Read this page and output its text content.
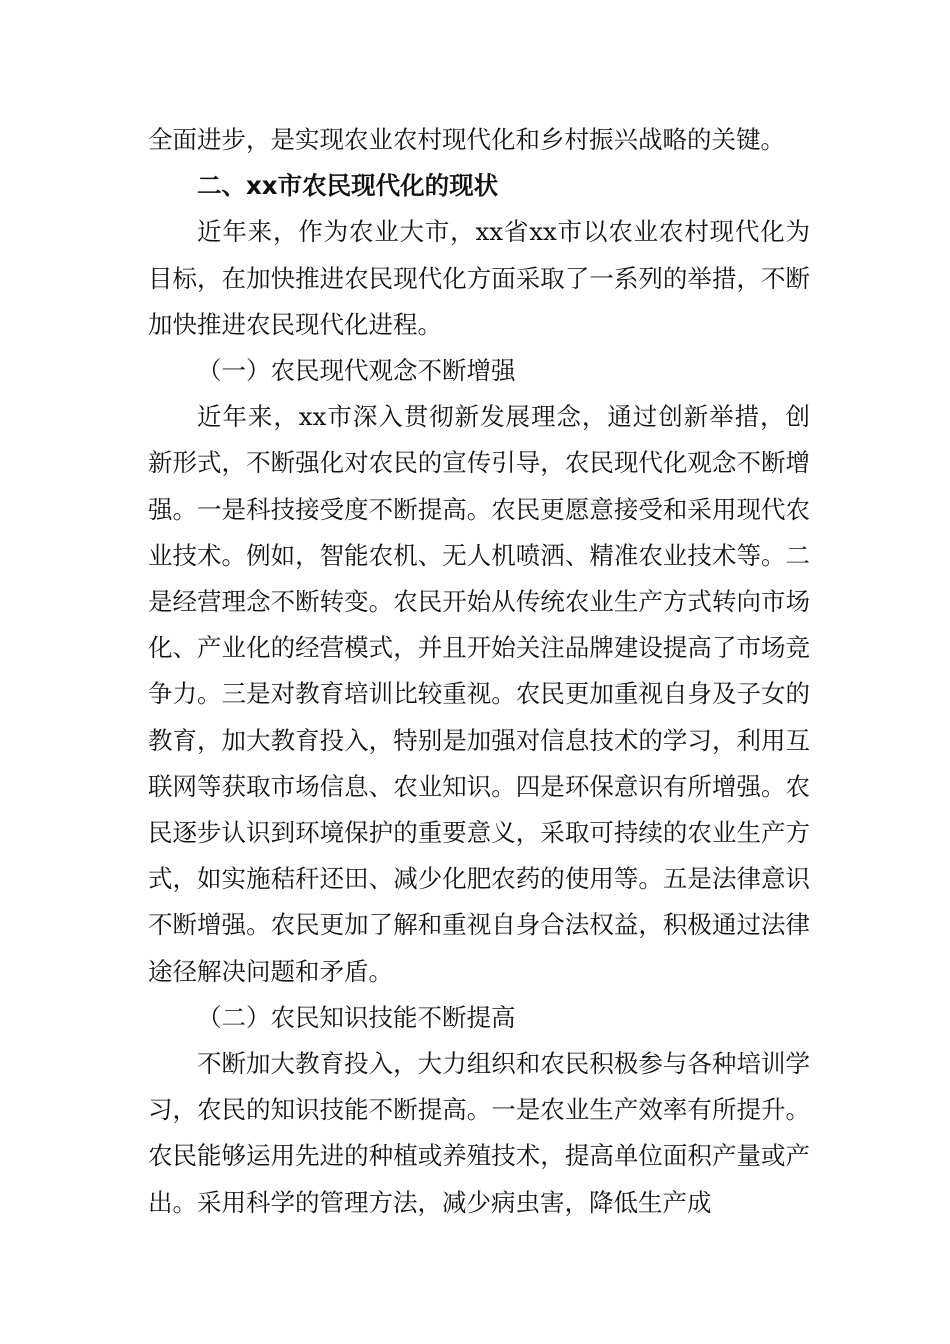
全面进步，是实现农业农村现代化和乡村振兴战略的关键。

二、xx市农民现代化的现状

近年来，作为农业大市，xx省xx市以农业农村现代化为目标，在加快推进农民现代化方面采取了一系列的举措，不断加快推进农民现代化进程。

（一）农民现代观念不断增强

近年来，xx市深入贯彻新发展理念，通过创新举措，创新形式，不断强化对农民的宣传引导，农民现代化观念不断增强。一是科技接受度不断提高。农民更愿意接受和采用现代农业技术。例如，智能农机、无人机喷洒、精准农业技术等。二是经营理念不断转变。农民开始从传统农业生产方式转向市场化、产业化的经营模式，并且开始关注品牌建设提高了市场竞争力。三是对教育培训比较重视。农民更加重视自身及子女的教育，加大教育投入，特别是加强对信息技术的学习，利用互联网等获取市场信息、农业知识。四是环保意识有所增强。农民逐步认识到环境保护的重要意义，采取可持续的农业生产方式，如实施秸秆还田、减少化肥农药的使用等。五是法律意识不断增强。农民更加了解和重视自身合法权益，积极通过法律途径解决问题和矛盾。

（二）农民知识技能不断提高

不断加大教育投入，大力组织和农民积极参与各种培训学习，农民的知识技能不断提高。一是农业生产效率有所提升。农民能够运用先进的种植或养殖技术，提高单位面积产量或产出。采用科学的管理方法，减少病虫害，降低生产成
